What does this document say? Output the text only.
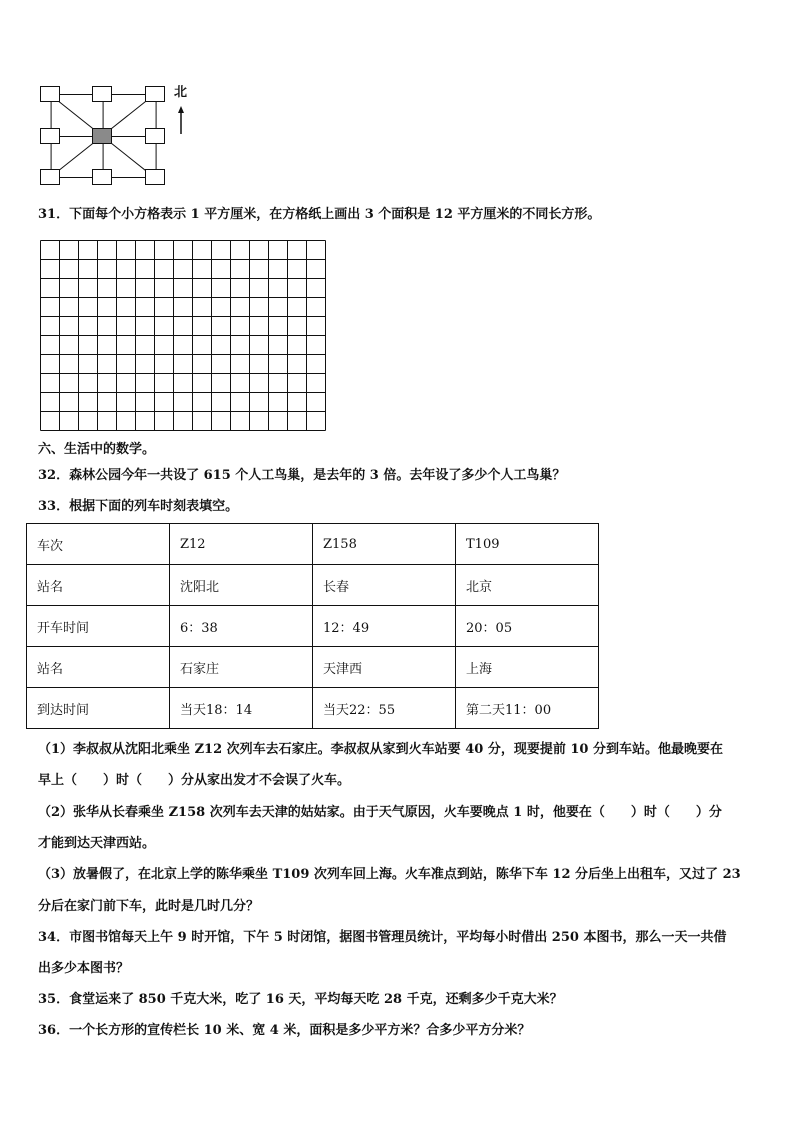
北
31．下面每个小方格表示 1 平方厘米，在方格纸上画出 3 个面积是 12 平方厘米的不同长方形。
六、生活中的数学。
32．森林公园今年一共设了 615 个人工鸟巢，是去年的 3 倍。去年设了多少个人工鸟巢？
33．根据下面的列车时刻表填空。
车次	Z12	Z158	T109
站名	沈阳北	长春	北京
开车时间	6：38	12：49	20：05
站名	石家庄	天津西	上海
到达时间	当天18：14	当天22：55	第二天11：00
（1）李叔叔从沈阳北乘坐 Z12 次列车去石家庄。李叔叔从家到火车站要 40 分，现要提前 10 分到车站。他最晚要在
早上（　　）时（　　）分从家出发才不会误了火车。
（2）张华从长春乘坐 Z158 次列车去天津的姑姑家。由于天气原因，火车要晚点 1 时，他要在（　　）时（　　）分
才能到达天津西站。
（3）放暑假了，在北京上学的陈华乘坐 T109 次列车回上海。火车准点到站，陈华下车 12 分后坐上出租车，又过了 23
分后在家门前下车，此时是几时几分？
34．市图书馆每天上午 9 时开馆，下午 5 时闭馆，据图书管理员统计，平均每小时借出 250 本图书，那么一天一共借
出多少本图书？
35．食堂运来了 850 千克大米，吃了 16 天，平均每天吃 28 千克，还剩多少千克大米？
36．一个长方形的宣传栏长 10 米、宽 4 米，面积是多少平方米？合多少平方分米？
